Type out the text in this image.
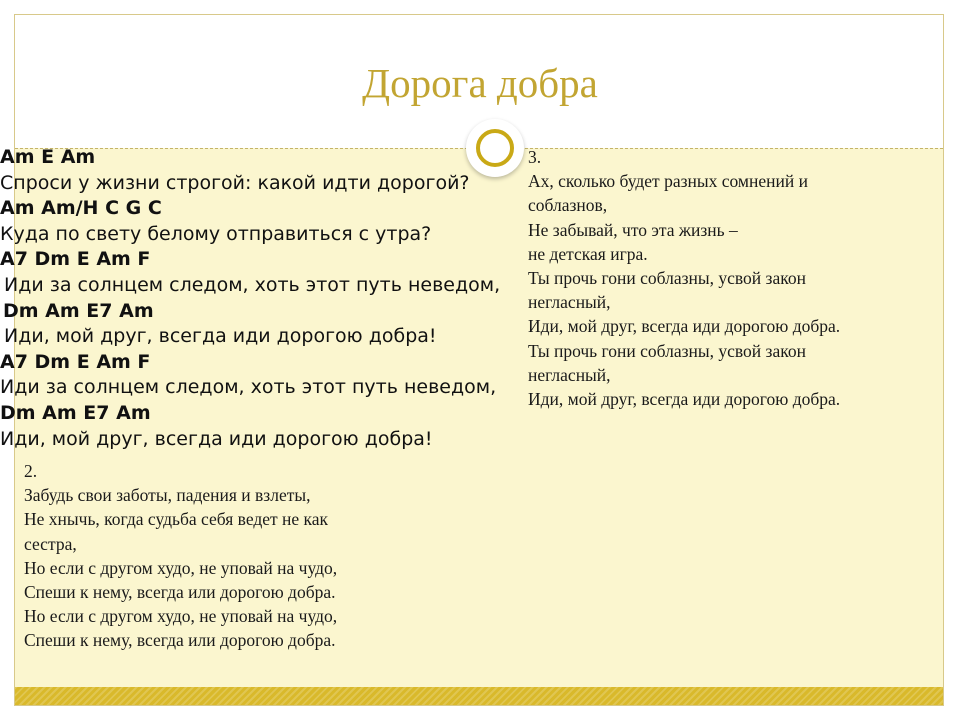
Дорога добра
Am E Am
Спроси у жизни строгой: какой идти дорогой?
Am Am/H C G C
Куда по свету белому отправиться с утра?
A7 Dm E Am F
Иди за солнцем следом, хоть этот путь неведом,
Dm Am E7 Am
Иди, мой друг, всегда иди дорогою добра!
A7 Dm E Am F
Иди за солнцем следом, хоть этот путь неведом,
Dm Am E7 Am
Иди, мой друг, всегда иди дорогою добра!
2.
Забудь свои заботы, падения и взлеты,
Не хнычь, когда судьба себя ведет не как
сестра,
Но если с другом худо, не уповай на чудо,
Спеши к нему, всегда или дорогою добра.
Но если с другом худо, не уповай на чудо,
Спеши к нему, всегда или дорогою добра.
3.
Ах, сколько будет разных сомнений и
соблазнов,
Не забывай, что эта жизнь –
не детская игра.
Ты прочь гони соблазны, усвой закон
негласный,
Иди, мой друг, всегда иди дорогою добра.
Ты прочь гони соблазны, усвой закон
негласный,
Иди, мой друг, всегда иди дорогою добра.
